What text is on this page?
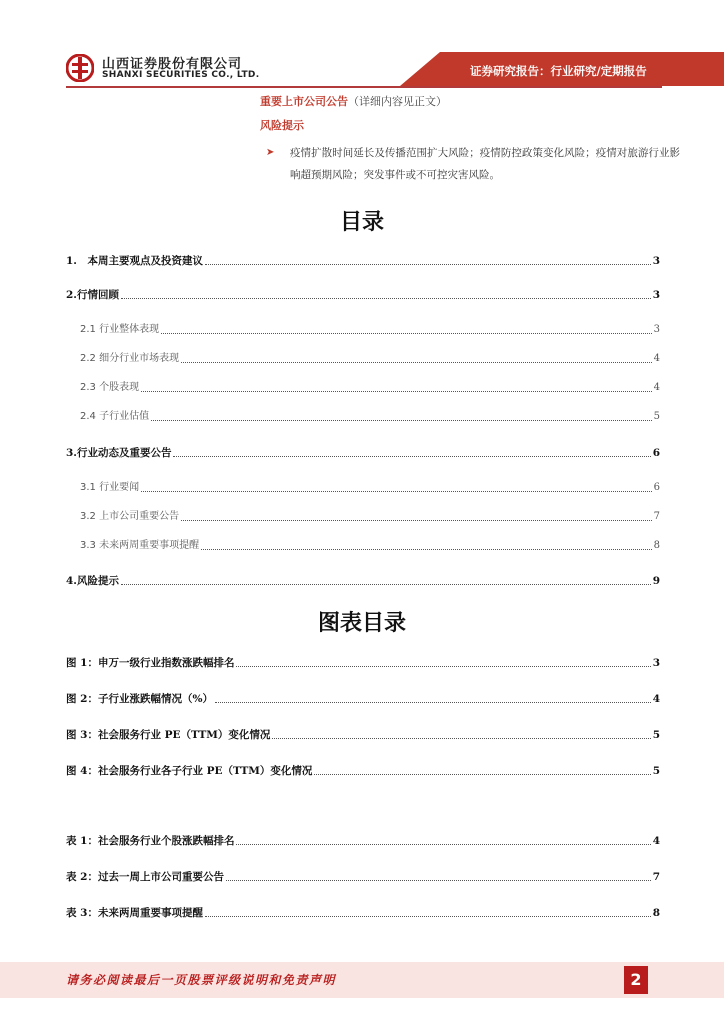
山西证券股份有限公司
SHANXI SECURITIES CO., LTD.	证券研究报告：行业研究/定期报告
重要上市公司公告（详细内容见正文）
风险提示
➤ 疫情扩散时间延长及传播范围扩大风险；疫情防控政策变化风险；疫情对旅游行业影响超预期风险；突发事件或不可控灾害风险。
目录
1.　本周主要观点及投资建议	3
2.行情回顾	3
2.1 行业整体表现	3
2.2 细分行业市场表现	4
2.3 个股表现	4
2.4 子行业估值	5
3.行业动态及重要公告	6
3.1 行业要闻	6
3.2 上市公司重要公告	7
3.3 未来两周重要事项提醒	8
4.风险提示	9
图表目录
图 1：申万一级行业指数涨跌幅排名	3
图 2：子行业涨跌幅情况（%）	4
图 3：社会服务行业 PE（TTM）变化情况	5
图 4：社会服务行业各子行业 PE（TTM）变化情况	5
表 1：社会服务行业个股涨跌幅排名	4
表 2：过去一周上市公司重要公告	7
表 3：未来两周重要事项提醒	8
请务必阅读最后一页股票评级说明和免责声明	2
